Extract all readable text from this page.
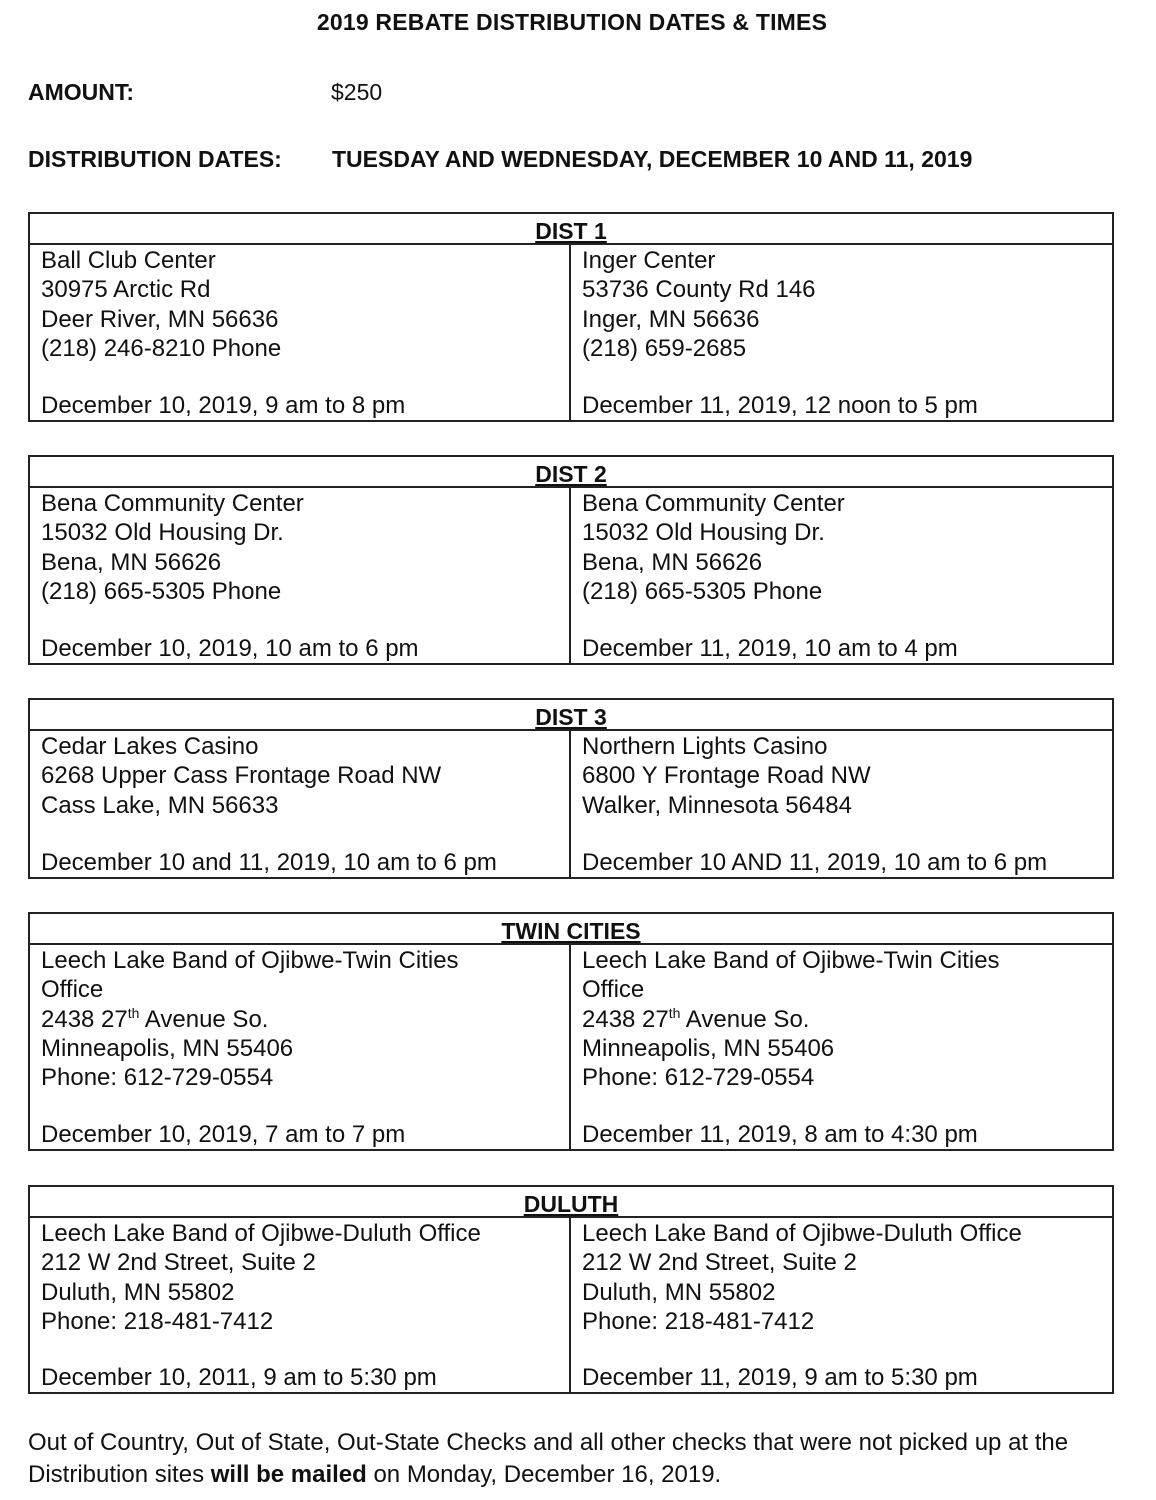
2019 REBATE DISTRIBUTION DATES & TIMES
AMOUNT:	$250
DISTRIBUTION DATES: TUESDAY AND WEDNESDAY, DECEMBER 10 AND 11, 2019
DIST 1
Ball Club Center
30975 Arctic Rd
Deer River, MN 56636
(218) 246-8210 Phone
December 10, 2019, 9 am to 8 pm
Inger Center
53736 County Rd 146
Inger, MN 56636
(218) 659-2685
December 11, 2019, 12 noon to 5 pm
DIST 2
Bena Community Center
15032 Old Housing Dr.
Bena, MN 56626
(218) 665-5305 Phone
December 10, 2019, 10 am to 6 pm
Bena Community Center
15032 Old Housing Dr.
Bena, MN 56626
(218) 665-5305 Phone
December 11, 2019, 10 am to 4 pm
DIST 3
Cedar Lakes Casino
6268 Upper Cass Frontage Road NW
Cass Lake, MN 56633
December 10 and 11, 2019, 10 am to 6 pm
Northern Lights Casino
6800 Y Frontage Road NW
Walker, Minnesota 56484
December 10 AND 11, 2019, 10 am to 6 pm
TWIN CITIES
Leech Lake Band of Ojibwe-Twin Cities
Office
2438 27th Avenue So.
Minneapolis, MN 55406
Phone: 612-729-0554
December 10, 2019, 7 am to 7 pm
Leech Lake Band of Ojibwe-Twin Cities
Office
2438 27th Avenue So.
Minneapolis, MN 55406
Phone: 612-729-0554
December 11, 2019, 8 am to 4:30 pm
DULUTH
Leech Lake Band of Ojibwe-Duluth Office
212 W 2nd Street, Suite 2
Duluth, MN 55802
Phone: 218-481-7412
December 10, 2011, 9 am to 5:30 pm
Leech Lake Band of Ojibwe-Duluth Office
212 W 2nd Street, Suite 2
Duluth, MN 55802
Phone: 218-481-7412
December 11, 2019, 9 am to 5:30 pm
Out of Country, Out of State, Out-State Checks and all other checks that were not picked up at the Distribution sites will be mailed on Monday, December 16, 2019.
